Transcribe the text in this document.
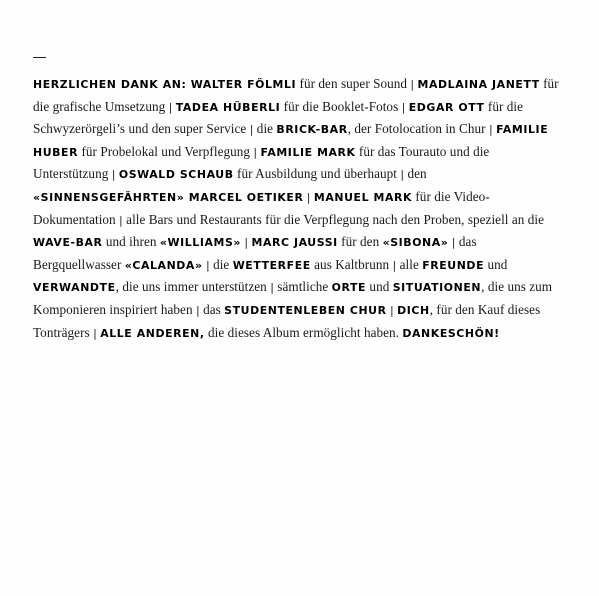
HERZLICHEN DANK AN: WALTER FÖLMLI für den super Sound | MADLAINA JANETT für die grafische Umsetzung | TADEA HÜBERLI für die Booklet-Fotos | EDGAR OTT für die Schwyzerörgeli’s und den super Service | die BRICK-BAR, der Fotolocation in Chur | FAMILIE HUBER für Probelokal und Verpflegung | FAMILIE MARK für das Tourauto und die Unterstützung | OSWALD SCHAUB für Ausbildung und überhaupt | den «SINNENSGEFÄHRTEN» MARCEL OETIKER | MANUEL MARK für die Video-Dokumentation | alle Bars und Restaurants für die Verpflegung nach den Proben, speziell an die WAVE-BAR und ihren «WILLIAMS» | MARC JAUSSI für den «SIBONA» | das Bergquellwasser «CALANDA» | die WETTERFEE aus Kaltbrunn | alle FREUNDE und VERWANDTE, die uns immer unterstützen | sämtliche ORTE und SITUATIONEN, die uns zum Komponieren inspiriert haben | das STUDENTENLEBEN CHUR | DICH, für den Kauf dieses Tonträgers | ALLE ANDEREN, die dieses Album ermöglicht haben. DANKESCHÖN!
